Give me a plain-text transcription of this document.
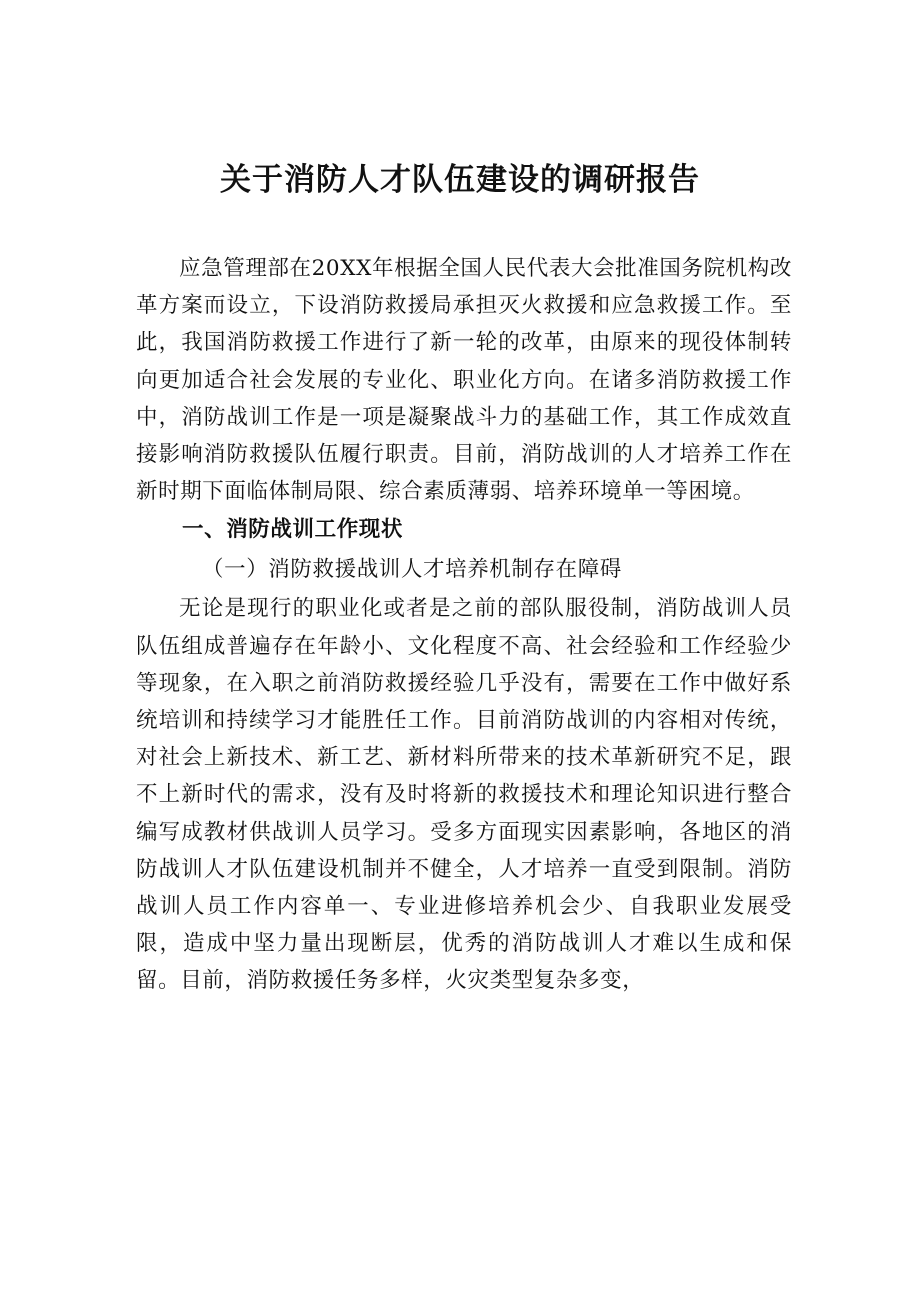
关于消防人才队伍建设的调研报告

应急管理部在20XX年根据全国人民代表大会批准国务院机构改革方案而设立，下设消防救援局承担灭火救援和应急救援工作。至此，我国消防救援工作进行了新一轮的改革，由原来的现役体制转向更加适合社会发展的专业化、职业化方向。在诸多消防救援工作中，消防战训工作是一项是凝聚战斗力的基础工作，其工作成效直接影响消防救援队伍履行职责。目前，消防战训的人才培养工作在新时期下面临体制局限、综合素质薄弱、培养环境单一等困境。

一、消防战训工作现状
（一）消防救援战训人才培养机制存在障碍

无论是现行的职业化或者是之前的部队服役制，消防战训人员队伍组成普遍存在年龄小、文化程度不高、社会经验和工作经验少等现象，在入职之前消防救援经验几乎没有，需要在工作中做好系统培训和持续学习才能胜任工作。目前消防战训的内容相对传统，对社会上新技术、新工艺、新材料所带来的技术革新研究不足，跟不上新时代的需求，没有及时将新的救援技术和理论知识进行整合编写成教材供战训人员学习。受多方面现实因素影响，各地区的消防战训人才队伍建设机制并不健全，人才培养一直受到限制。消防战训人员工作内容单一、专业进修培养机会少、自我职业发展受限，造成中坚力量出现断层，优秀的消防战训人才难以生成和保留。目前，消防救援任务多样，火灾类型复杂多变，
